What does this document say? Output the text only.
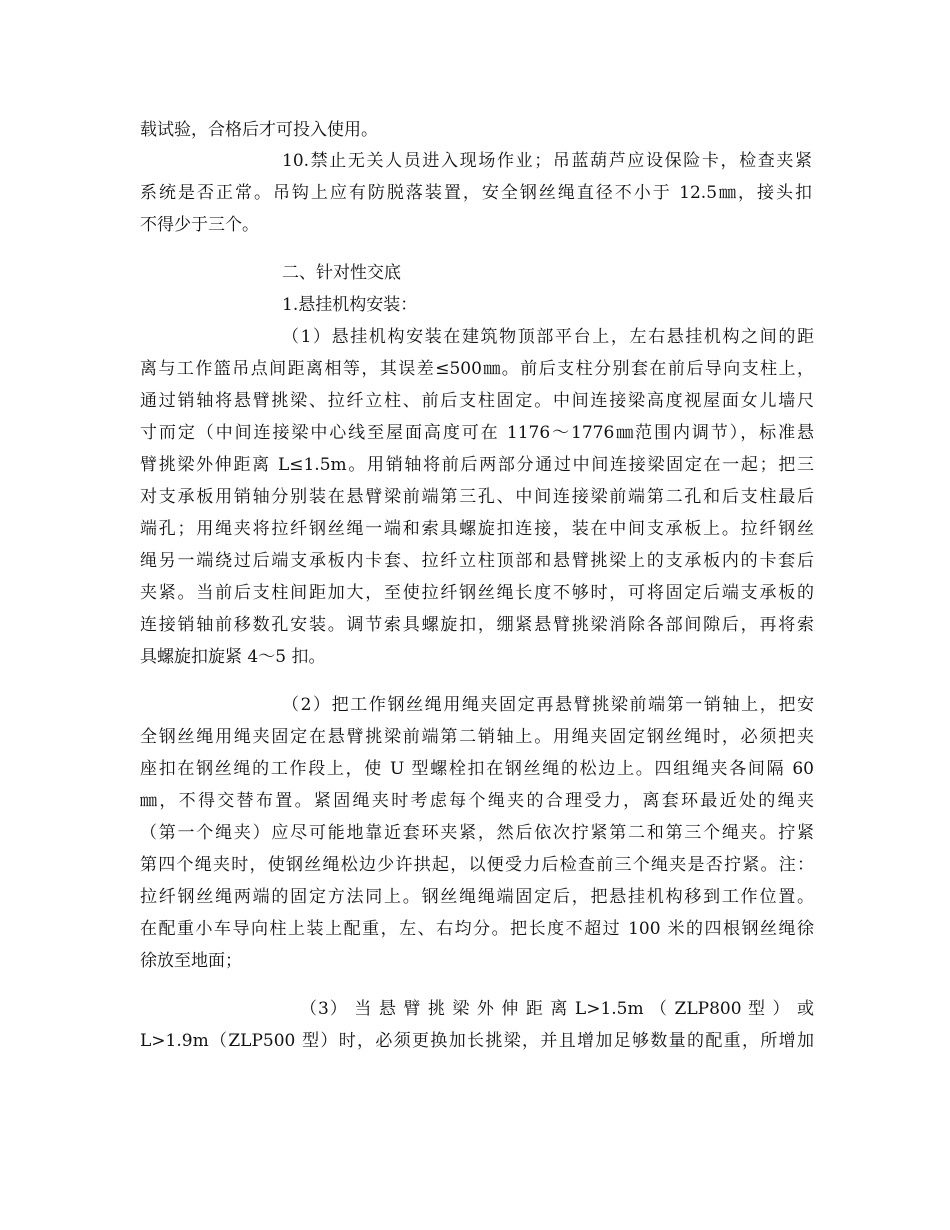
载试验，合格后才可投入使用。
10.禁止无关人员进入现场作业；吊蓝葫芦应设保险卡，检查夹紧
系统是否正常。吊钩上应有防脱落装置，安全钢丝绳直径不小于 12.5㎜，接头扣
不得少于三个。
二、针对性交底
1.悬挂机构安装：
（1）悬挂机构安装在建筑物顶部平台上，左右悬挂机构之间的距
离与工作篮吊点间距离相等，其误差≤500㎜。前后支柱分别套在前后导向支柱上，
通过销轴将悬臂挑梁、拉纤立柱、前后支柱固定。中间连接梁高度视屋面女儿墙尺
寸而定（中间连接梁中心线至屋面高度可在 1176～1776㎜范围内调节），标准悬
臂挑梁外伸距离 L≤1.5m。用销轴将前后两部分通过中间连接梁固定在一起；把三
对支承板用销轴分别装在悬臂梁前端第三孔、中间连接梁前端第二孔和后支柱最后
端孔；用绳夹将拉纤钢丝绳一端和索具螺旋扣连接，装在中间支承板上。拉纤钢丝
绳另一端绕过后端支承板内卡套、拉纤立柱顶部和悬臂挑梁上的支承板内的卡套后
夹紧。当前后支柱间距加大，至使拉纤钢丝绳长度不够时，可将固定后端支承板的
连接销轴前移数孔安装。调节索具螺旋扣，绷紧悬臂挑梁消除各部间隙后，再将索
具螺旋扣旋紧 4～5 扣。
（2）把工作钢丝绳用绳夹固定再悬臂挑梁前端第一销轴上，把安
全钢丝绳用绳夹固定在悬臂挑梁前端第二销轴上。用绳夹固定钢丝绳时，必须把夹
座扣在钢丝绳的工作段上，使 U 型螺栓扣在钢丝绳的松边上。四组绳夹各间隔 60
㎜，不得交替布置。紧固绳夹时考虑每个绳夹的合理受力，离套环最近处的绳夹
（第一个绳夹）应尽可能地靠近套环夹紧，然后依次拧紧第二和第三个绳夹。拧紧
第四个绳夹时，使钢丝绳松边少许拱起，以便受力后检查前三个绳夹是否拧紧。注：
拉纤钢丝绳两端的固定方法同上。钢丝绳绳端固定后，把悬挂机构移到工作位置。
在配重小车导向柱上装上配重，左、右均分。把长度不超过 100 米的四根钢丝绳徐
徐放至地面；
（3） 当 悬 臂 挑 梁 外 伸 距 离 L>1.5m （ ZLP800 型 ） 或
L>1.9m（ZLP500 型）时，必须更换加长挑梁，并且增加足够数量的配重，所增加
